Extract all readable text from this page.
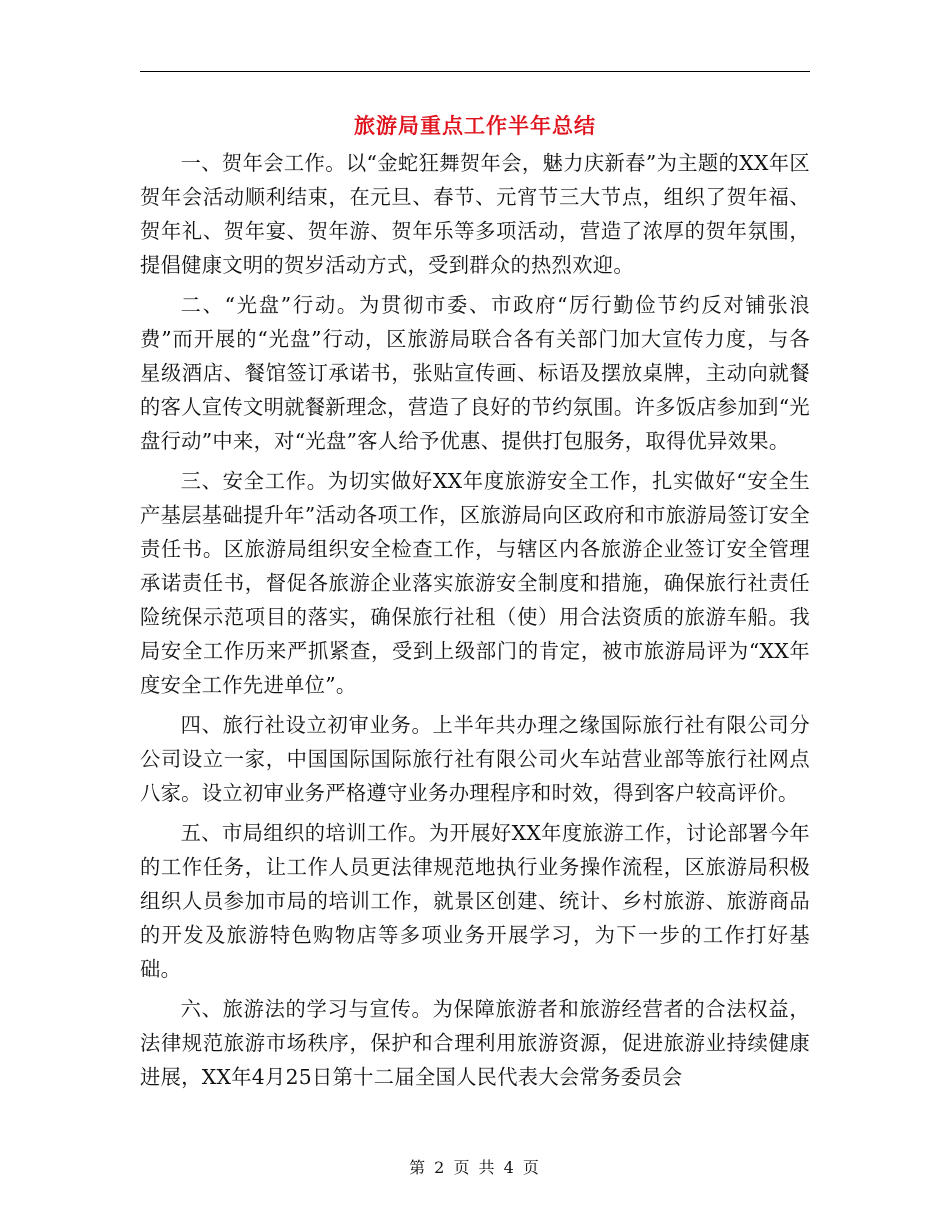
旅游局重点工作半年总结

一、贺年会工作。以“金蛇狂舞贺年会，魅力庆新春”为主题的XX年区贺年会活动顺利结束，在元旦、春节、元宵节三大节点，组织了贺年福、贺年礼、贺年宴、贺年游、贺年乐等多项活动，营造了浓厚的贺年氛围，提倡健康文明的贺岁活动方式，受到群众的热烈欢迎。

二、“光盘”行动。为贯彻市委、市政府“厉行勤俭节约反对铺张浪费”而开展的“光盘”行动，区旅游局联合各有关部门加大宣传力度，与各星级酒店、餐馆签订承诺书，张贴宣传画、标语及摆放桌牌，主动向就餐的客人宣传文明就餐新理念，营造了良好的节约氛围。许多饭店参加到“光盘行动”中来，对“光盘”客人给予优惠、提供打包服务，取得优异效果。

三、安全工作。为切实做好XX年度旅游安全工作，扎实做好“安全生产基层基础提升年”活动各项工作，区旅游局向区政府和市旅游局签订安全责任书。区旅游局组织安全检查工作，与辖区内各旅游企业签订安全管理承诺责任书，督促各旅游企业落实旅游安全制度和措施，确保旅行社责任险统保示范项目的落实，确保旅行社租（使）用合法资质的旅游车船。我局安全工作历来严抓紧查，受到上级部门的肯定，被市旅游局评为“XX年度安全工作先进单位”。

四、旅行社设立初审业务。上半年共办理之缘国际旅行社有限公司分公司设立一家，中国国际国际旅行社有限公司火车站营业部等旅行社网点八家。设立初审业务严格遵守业务办理程序和时效，得到客户较高评价。

五、市局组织的培训工作。为开展好XX年度旅游工作，讨论部署今年的工作任务，让工作人员更法律规范地执行业务操作流程，区旅游局积极组织人员参加市局的培训工作，就景区创建、统计、乡村旅游、旅游商品的开发及旅游特色购物店等多项业务开展学习，为下一步的工作打好基础。

六、旅游法的学习与宣传。为保障旅游者和旅游经营者的合法权益，法律规范旅游市场秩序，保护和合理利用旅游资源，促进旅游业持续健康进展，XX年4月25日第十二届全国人民代表大会常务委员会

第 2 页 共 4 页
